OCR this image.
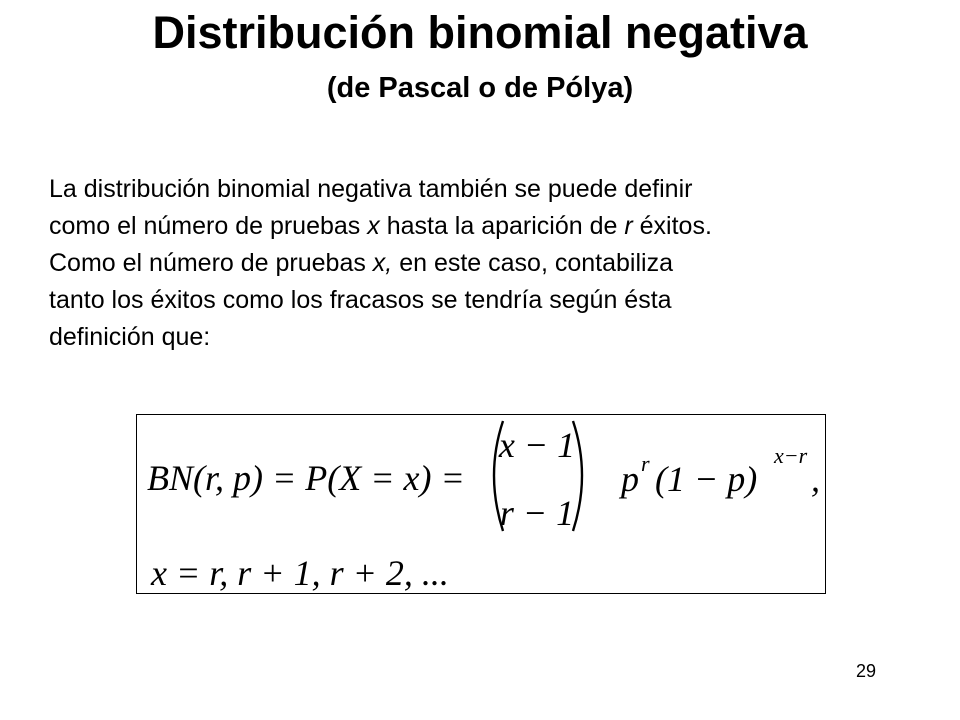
Distribución binomial negativa
(de Pascal o de Pólya)

La distribución binomial negativa también se puede definir
como el número de pruebas x hasta la aparición de r éxitos.
Como el número de pruebas x, en este caso, contabiliza
tanto los éxitos como los fracasos se tendría según ésta
definición que:

BN(r, p) = P(X = x) =
x − 1
r − 1
p r (1 − p)
x−r
,
x = r, r + 1, r + 2, ...
29
